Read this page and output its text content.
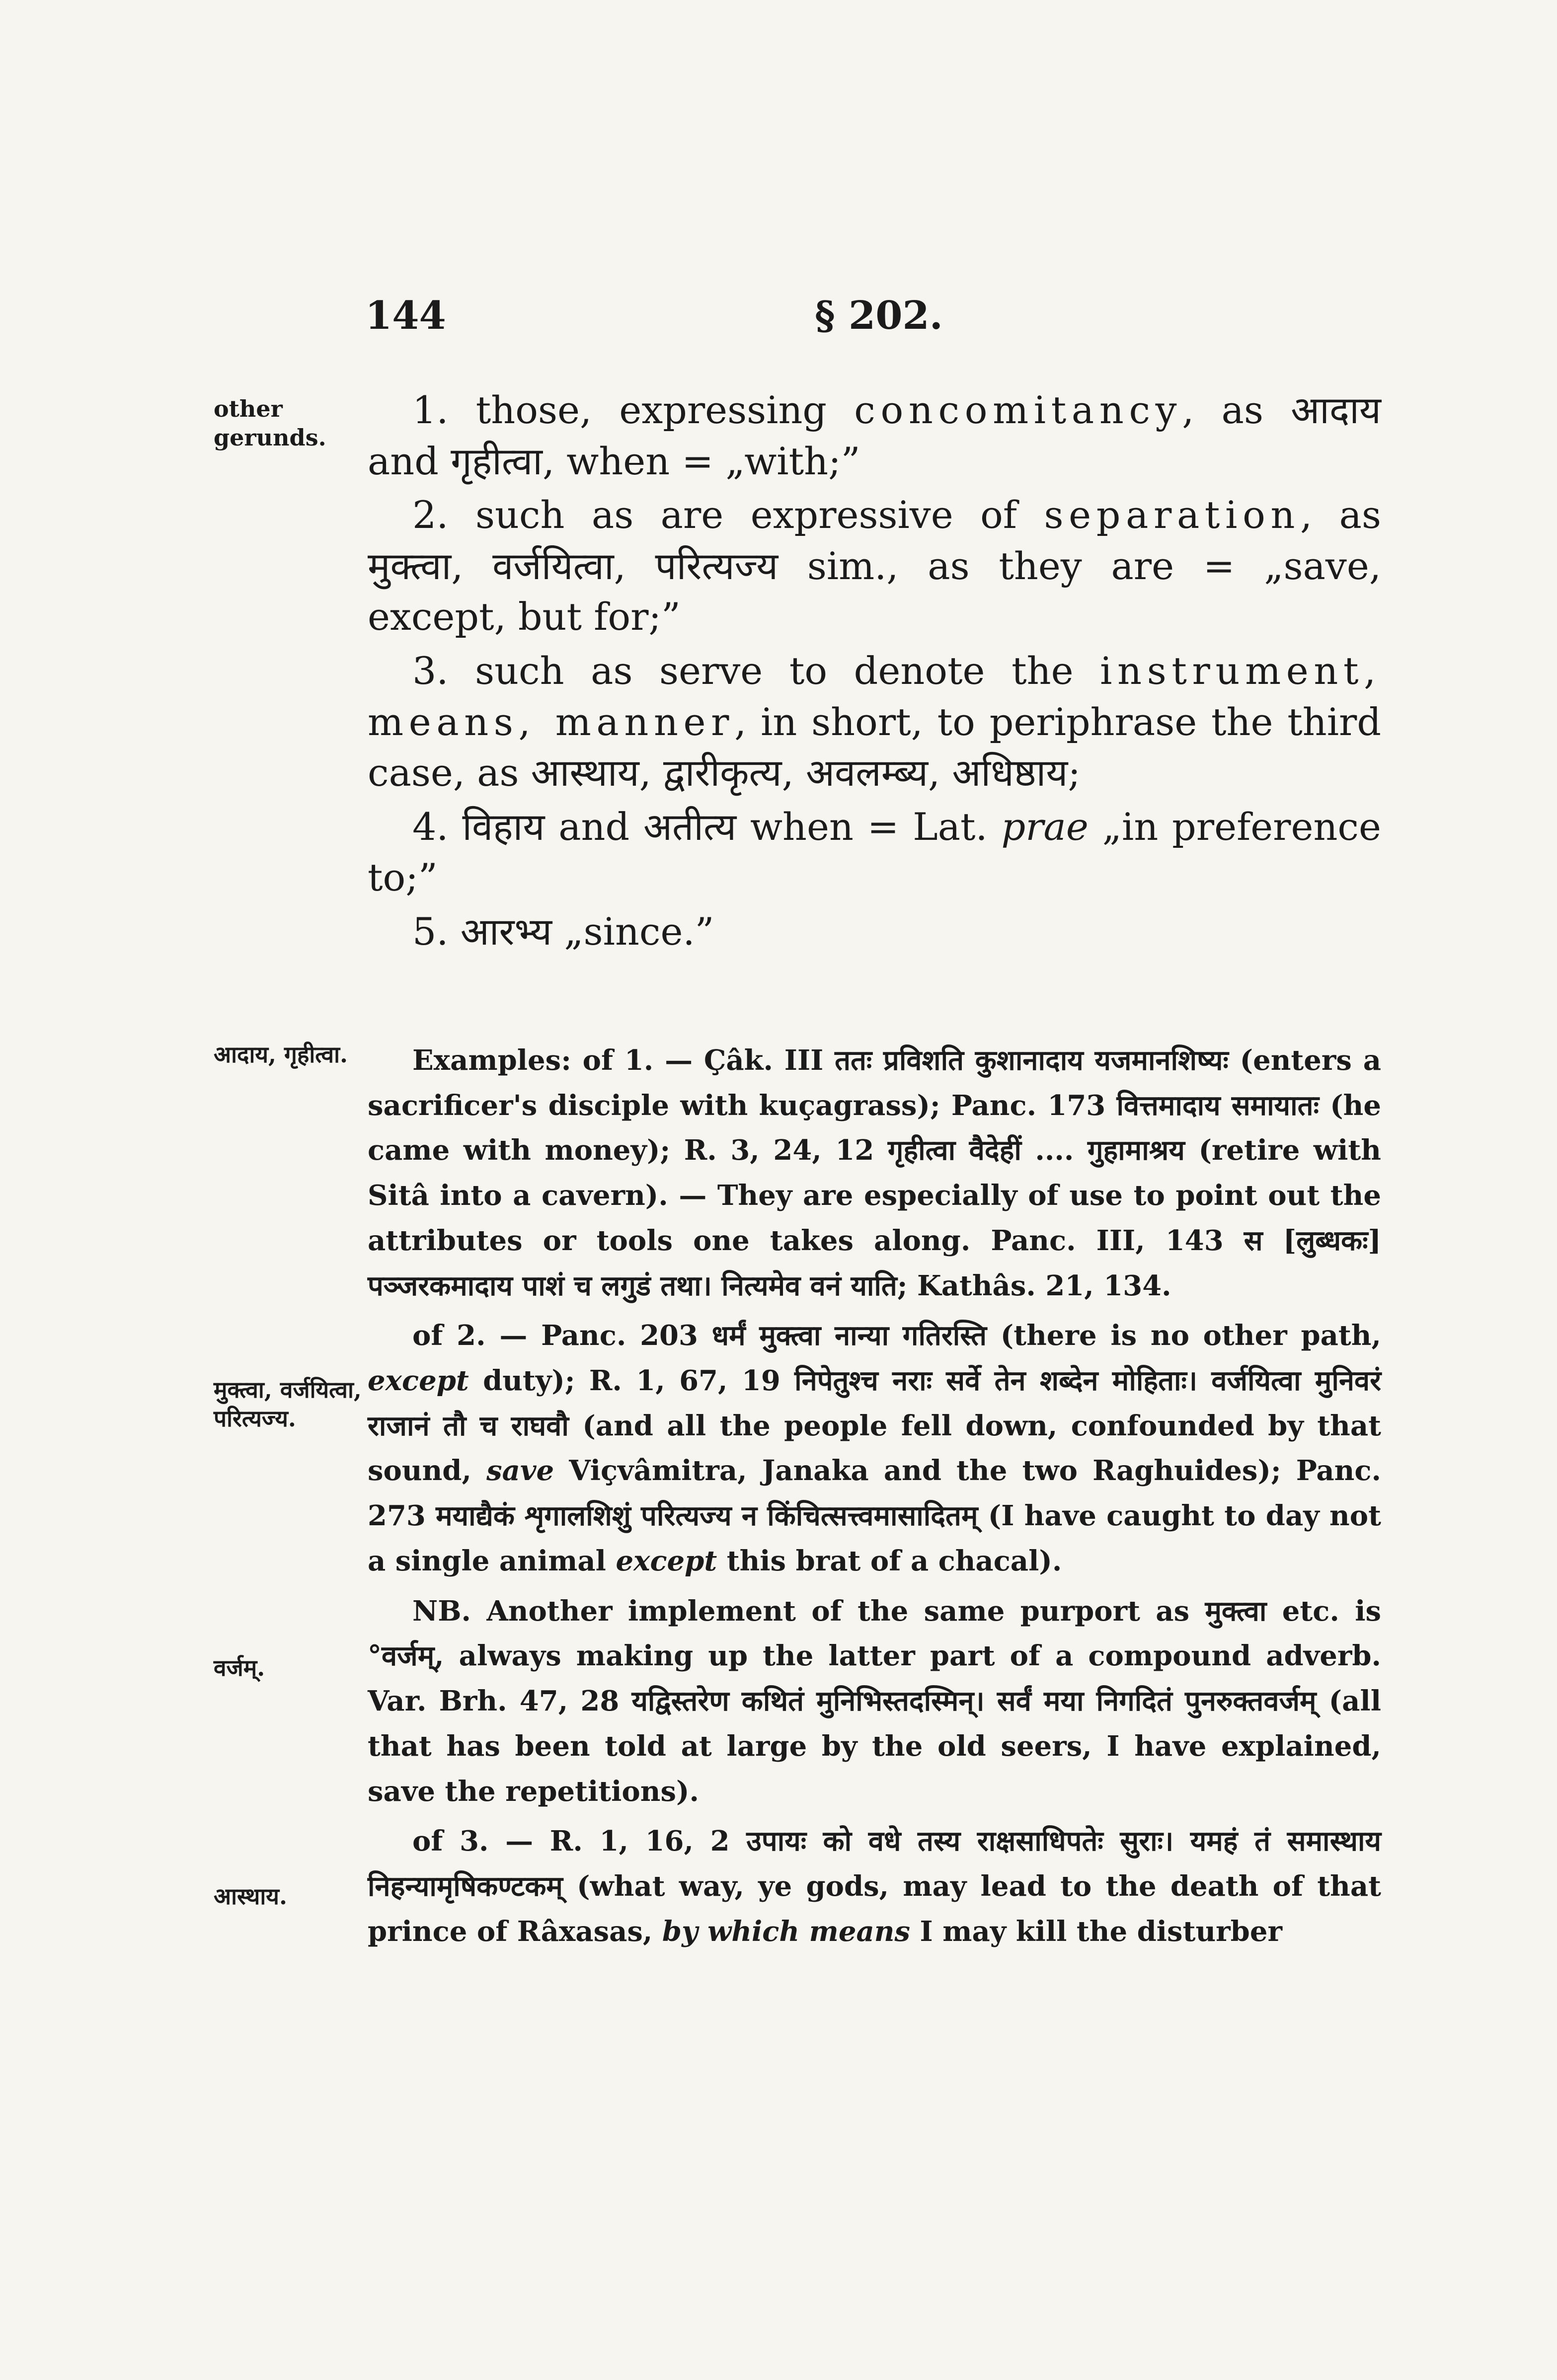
144	§ 202.
other gerunds.
आदाय, गृहीत्वा.
मुक्त्वा, वर्जयित्वा, परित्यज्य.
वर्जम्.
आस्थाय.

1. those, expressing concomitancy, as आदाय and गृहीत्वा, when = „with;”

2. such as are expressive of separation, as मुक्त्वा, वर्जयित्वा, परित्यज्य sim., as they are = „save, except, but for;”

3. such as serve to denote the instrument, means, manner, in short, to periphrase the third case, as आस्थाय, द्वारीकृत्य, अवलम्ब्य, अधिष्ठाय;

4. विहाय and अतीत्य when = Lat. prae „in preference to;”

5. आरभ्य „since.”

Examples: of 1. — Çâk. III ततः प्रविशति कुशानादाय यजमानशिष्यः (enters a sacrificer's disciple with kuçagrass); Panc. 173 वित्तमादाय समायातः (he came with money); R. 3, 24, 12 गृहीत्वा वैदेहीं .... गुहामाश्रय (retire with Sitâ into a cavern). — They are especially of use to point out the attributes or tools one takes along. Panc. III, 143 स [लुब्धकः] पञ्जरकमादाय पाशं च लगुडं तथा। नित्यमेव वनं याति; Kathâs. 21, 134.

of 2. — Panc. 203 धर्मं मुक्त्वा नान्या गतिरस्ति (there is no other path, except duty); R. 1, 67, 19 निपेतुश्च नराः सर्वे तेन शब्देन मोहिताः। वर्जयित्वा मुनिवरं राजानं तौ च राघवौ (and all the people fell down, confounded by that sound, save Viçvâmitra, Janaka and the two Raghuides); Panc. 273 मयाद्यैकं शृगालशिशुं परित्यज्य न किंचित्सत्त्वमासादितम् (I have caught to day not a single animal except this brat of a chacal).

NB. Another implement of the same purport as मुक्त्वा etc. is °वर्जम्, always making up the latter part of a compound adverb. Var. Brh. 47, 28 यद्विस्तरेण कथितं मुनिभिस्तदस्मिन्। सर्वं मया निगदितं पुनरुक्तवर्जम् (all that has been told at large by the old seers, I have explained, save the repetitions).

of 3. — R. 1, 16, 2 उपायः को वधे तस्य राक्षसाधिपतेः सुराः। यमहं तं समास्थाय निहन्यामृषिकण्टकम् (what way, ye gods, may lead to the death of that prince of Râxasas, by which means I may kill the disturber
